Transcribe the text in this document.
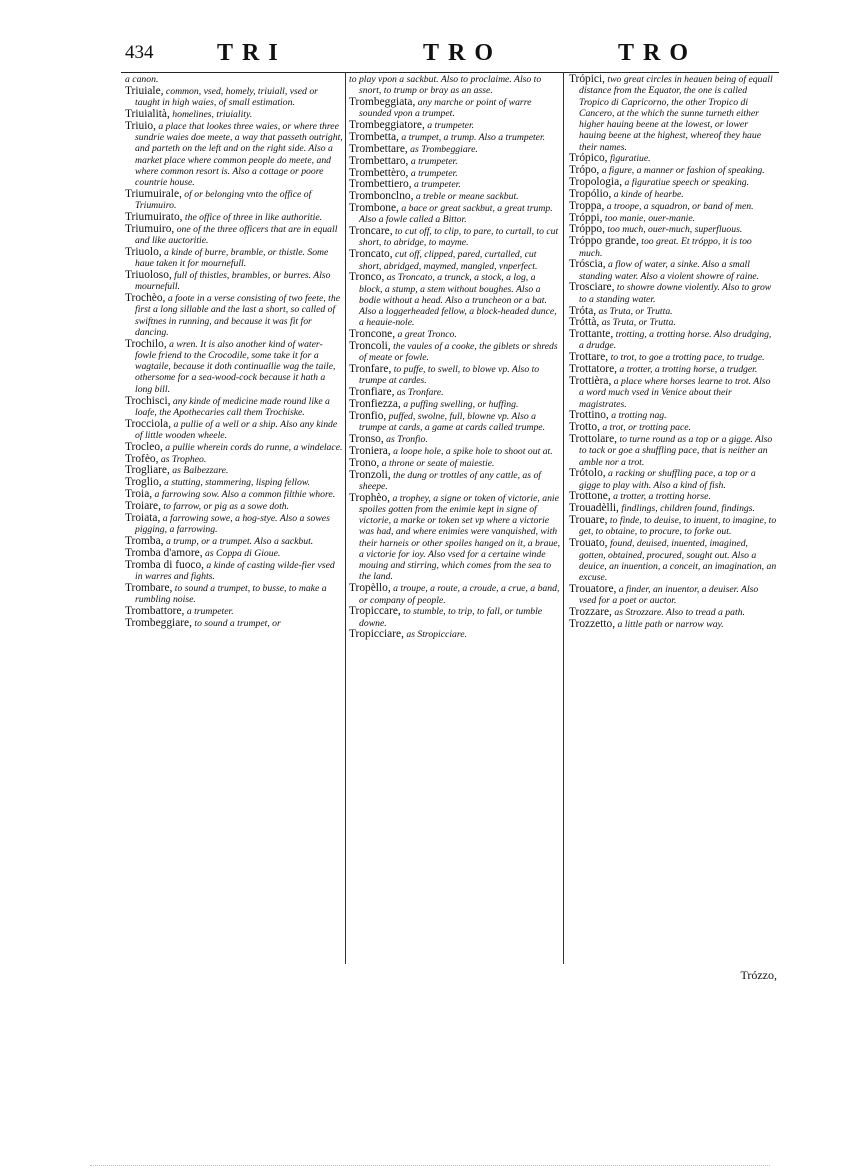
434	TRI	TRO	TRO

a canon.

Triuiale, common, vsed, homely, triuiall, vsed or taught in high waies, of small estimation.

Triuialità, homelines, triuiality.

Triuio, a place that lookes three waies, or where three sundrie waies doe meete, a way that passeth outright, and parteth on the left and on the right side. Also a market place where common people do meete, and where common resort is. Also a cottage or poore countrie house.

Triumuirale, of or belonging vnto the office of Triumuiro.

Triumuirato, the office of three in like authoritie.

Triumuiro, one of the three officers that are in equall and like auctoritie.

Triuolo, a kinde of burre, bramble, or thistle. Some haue taken it for mournefull.

Triuoloso, full of thistles, brambles, or burres. Also mournefull.

Trochèo, a foote in a verse consisting of two feete, the first a long sillable and the last a short, so called of swiftnes in running, and because it was fit for dancing.

Trochilo, a wren. It is also another kind of water-fowle friend to the Crocodile, some take it for a wagtaile, because it doth continuallie wag the taile, othersome for a sea-wood-cock because it hath a long bill.

Trochisci, any kinde of medicine made round like a loafe, the Apothecaries call them Trochiske.

Trocciola, a pullie of a well or a ship. Also any kinde of little wooden wheele.

Trocleo, a pullie wherein cords do runne, a windelace.

Trofèo, as Tropheo.

Trogliare, as Balbezzare.

Troglio, a stutting, stammering, lisping fellow.

Troia, a farrowing sow. Also a common filthie whore.

Troiare, to farrow, or pig as a sowe doth.

Troiata, a farrowing sowe, a hog-stye. Also a sowes pigging, a farrowing.

Tromba, a trump, or a trumpet. Also a sackbut.

Tromba d'amore, as Coppa di Gioue.

Tromba di fuoco, a kinde of casting wilde-fier vsed in warres and fights.

Trombare, to sound a trumpet, to busse, to make a rumbling noise.

Trombattore, a trumpeter.

Trombeggiare, to sound a trumpet, or

to play vpon a sackbut. Also to proclaime. Also to snort, to trump or bray as an asse.

Trombeggiata, any marche or point of warre sounded vpon a trumpet.

Trombeggiatore, a trumpeter.

Trombetta, a trumpet, a trump. Also a trumpeter.

Trombettare, as Trombeggiare.

Trombettaro, a trumpeter.

Trombettèro, a trumpeter.

Trombettiero, a trumpeter.

Trombonclno, a treble or meane sackbut.

Trombone, a bace or great sackbut, a great trump. Also a fowle called a Bittor.

Troncare, to cut off, to clip, to pare, to curtall, to cut short, to abridge, to mayme.

Troncato, cut off, clipped, pared, curtalled, cut short, abridged, maymed, mangled, vnperfect.

Tronco, as Troncato, a trunck, a stock, a log, a block, a stump, a stem without boughes. Also a bodie without a head. Also a truncheon or a bat. Also a loggerheaded fellow, a block-headed dunce, a heauie-nole.

Troncone, a great Tronco.

Troncoli, the vaules of a cooke, the giblets or shreds of meate or fowle.

Tronfare, to puffe, to swell, to blowe vp. Also to trumpe at cardes.

Tronfiare, as Tronfare.

Tronfiezza, a puffing swelling, or huffing.

Tronfio, puffed, swolne, full, blowne vp. Also a trumpe at cards, a game at cards called trumpe.

Tronso, as Tronfio.

Troniera, a loope hole, a spike hole to shoot out at.

Trono, a throne or seate of maiestie.

Tronzoli, the dung or trottles of any cattle, as of sheepe.

Trophèo, a trophey, a signe or token of victorie, anie spoiles gotten from the enimie kept in signe of victorie, a marke or token set vp where a victorie was had, and where enimies were vanquished, with their harneis or other spoiles hanged on it, a braue, a victorie for ioy. Also vsed for a certaine winde mouing and stirring, which comes from the sea to the land.

Tropèllo, a troupe, a route, a croude, a crue, a band, or company of people.

Tropiccare, to stumble, to trip, to fall, or tumble downe.

Tropicciare, as Stropicciare.

Trópici, two great circles in heauen being of equall distance from the Equator, the one is called Tropico di Capricorno, the other Tropico di Cancero, at the which the sunne turneth either higher hauing beene at the lowest, or lower hauing beene at the highest, whereof they haue their names.

Trópico, figuratiue.

Trópo, a figure, a manner or fashion of speaking.

Tropologia, a figuratiue speech or speaking.

Tropólio, a kinde of hearbe.

Troppa, a troope, a squadron, or band of men.

Tróppi, too manie, ouer-manie.

Tróppo, too much, ouer-much, superfluous.

Tróppo grande, too great. Et tróppo, it is too much.

Tróscia, a flow of water, a sinke. Also a small standing water. Also a violent showre of raine.

Trosciare, to showre downe violently. Also to grow to a standing water.

Tróta, as Truta, or Trutta.

Tróttà, as Truta, or Trutta.

Trottante, trotting, a trotting horse. Also drudging, a drudge.

Trottare, to trot, to goe a trotting pace, to trudge.

Trottatore, a trotter, a trotting horse, a trudger.

Trottièra, a place where horses learne to trot. Also a word much vsed in Venice about their magistrates.

Trottino, a trotting nag.

Trotto, a trot, or trotting pace.

Trottolare, to turne round as a top or a gigge. Also to tack or goe a shuffling pace, that is neither an amble nor a trot.

Trótolo, a racking or shuffling pace, a top or a gigge to play with. Also a kind of fish.

Trottone, a trotter, a trotting horse.

Trouadèlli, findlings, children found, findings.

Trouare, to finde, to deuise, to inuent, to imagine, to get, to obtaine, to procure, to forke out.

Trouato, found, deuised, inuented, imagined, gotten, obtained, procured, sought out. Also a deuice, an inuention, a conceit, an imagination, an excuse.

Trouatore, a finder, an inuentor, a deuiser. Also vsed for a poet or auctor.

Trozzare, as Strozzare. Also to tread a path.

Trozzetto, a little path or narrow way.

Trózzo,
